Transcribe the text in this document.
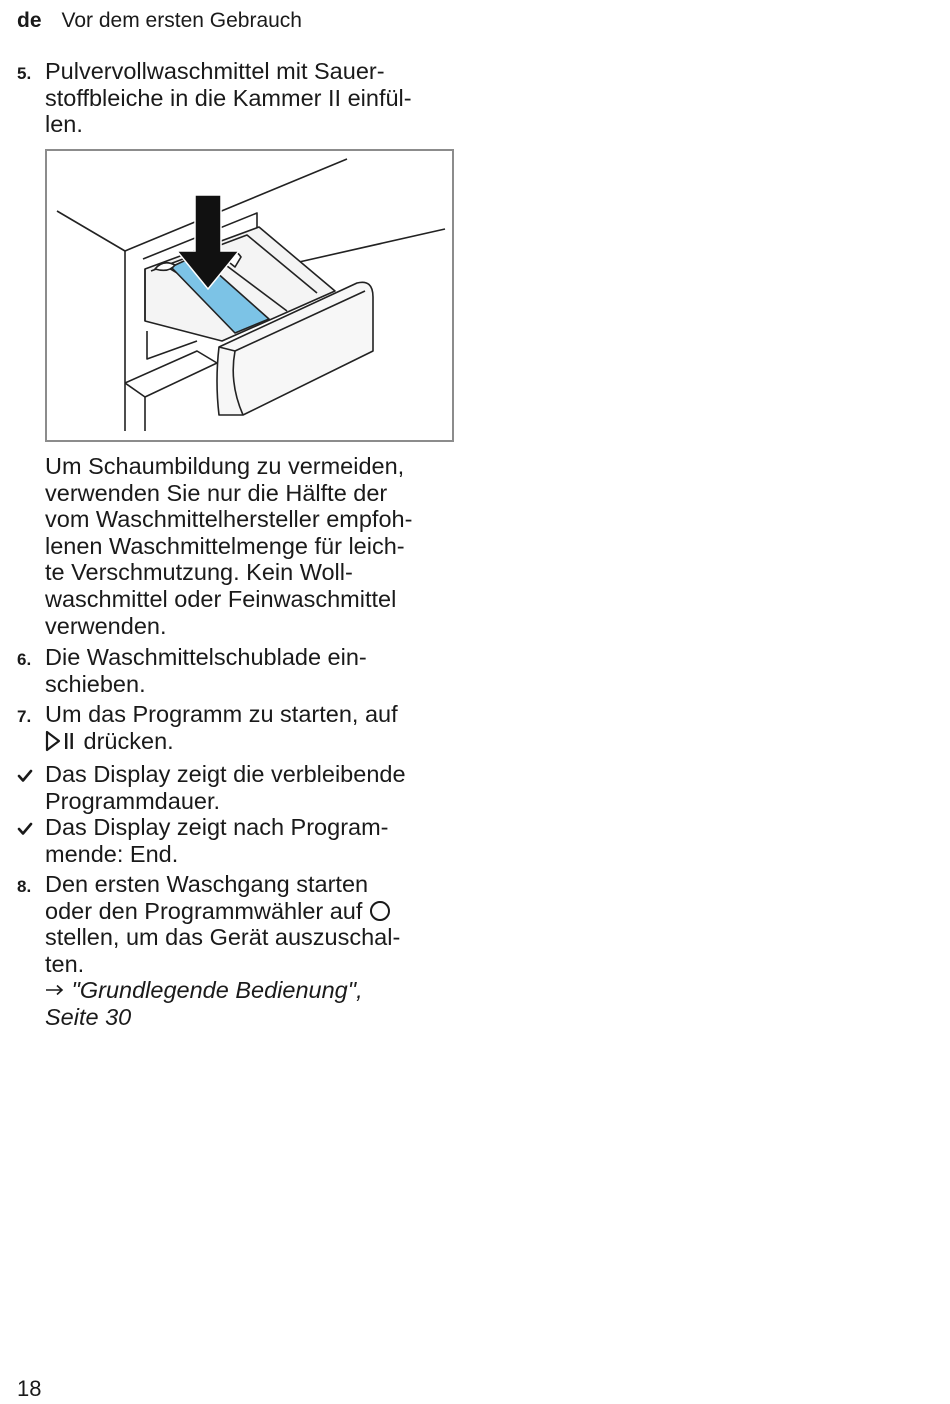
de Vor dem ersten Gebrauch
5. Pulvervollwaschmittel mit Sauer-
stoffbleiche in die Kammer II einfül-
len.
Um Schaumbildung zu vermeiden,
verwenden Sie nur die Hälfte der
vom Waschmittelhersteller empfoh-
lenen Waschmittelmenge für leich-
te Verschmutzung. Kein Woll-
waschmittel oder Feinwaschmittel
verwenden.
6. Die Waschmittelschublade ein-
schieben.
7. Um das Programm zu starten, auf
drücken.
Das Display zeigt die verbleibende
Programmdauer.
Das Display zeigt nach Program-
mende: End.
8. Den ersten Waschgang starten
oder den Programmwähler auf
stellen, um das Gerät auszuschal-
ten.
"Grundlegende Bedienung",
Seite 30
18
